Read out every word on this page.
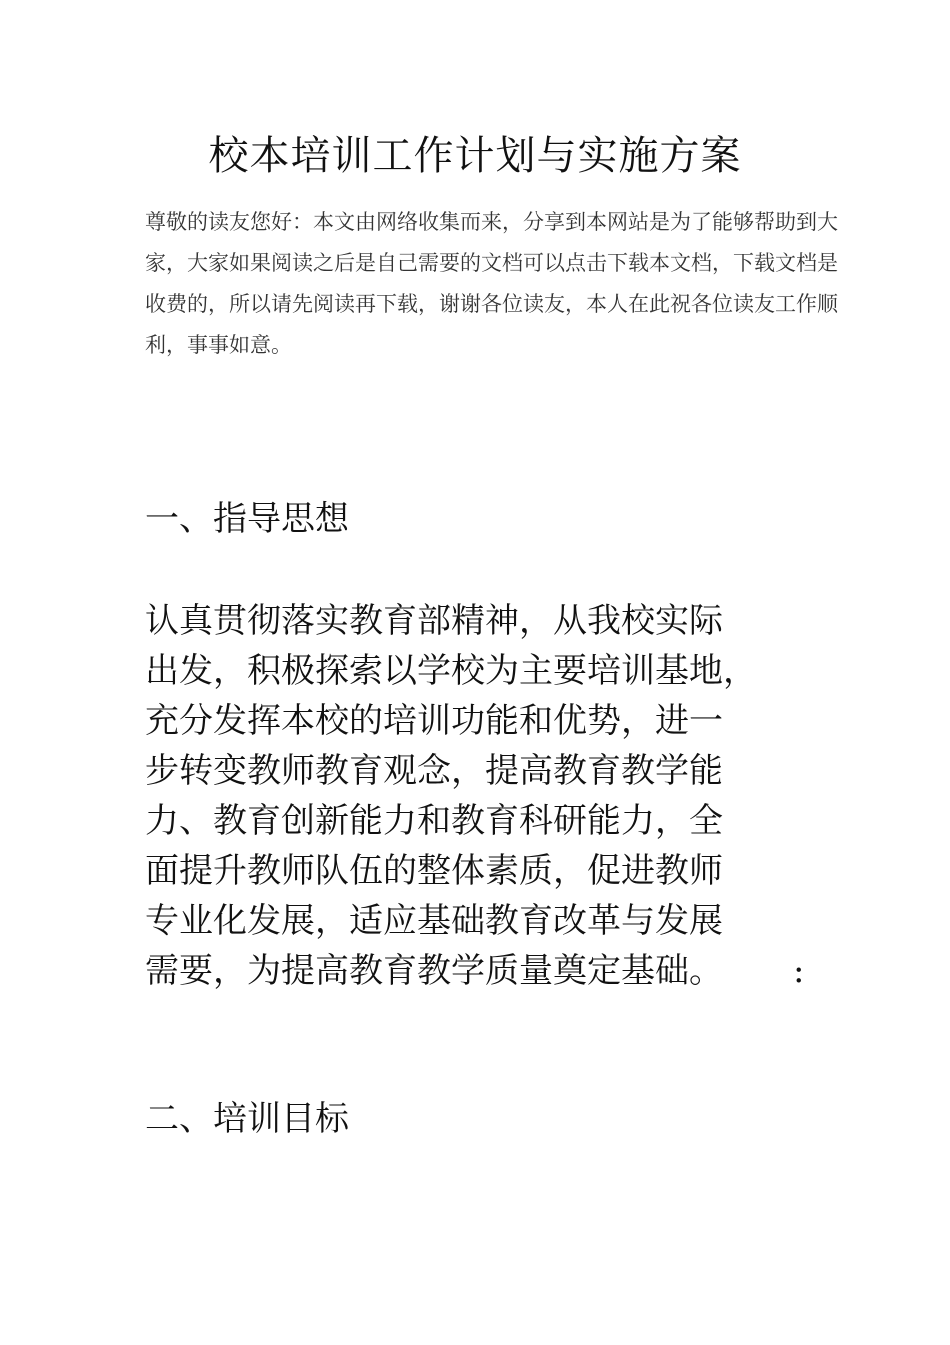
校本培训工作计划与实施方案
尊敬的读友您好：本文由网络收集而来，分享到本网站是为了能够帮助到大
家，大家如果阅读之后是自己需要的文档可以点击下载本文档，下载文档是
收费的，所以请先阅读再下载，谢谢各位读友，本人在此祝各位读友工作顺
利，事事如意。
一、指导思想
认真贯彻落实教育部精神，从我校实际
出发，积极探索以学校为主要培训基地，
充分发挥本校的培训功能和优势，进一
步转变教师教育观念，提高教育教学能
力、教育创新能力和教育科研能力，全
面提升教师队伍的整体素质，促进教师
专业化发展，适应基础教育改革与发展
需要，为提高教育教学质量奠定基础。	:
二、培训目标
